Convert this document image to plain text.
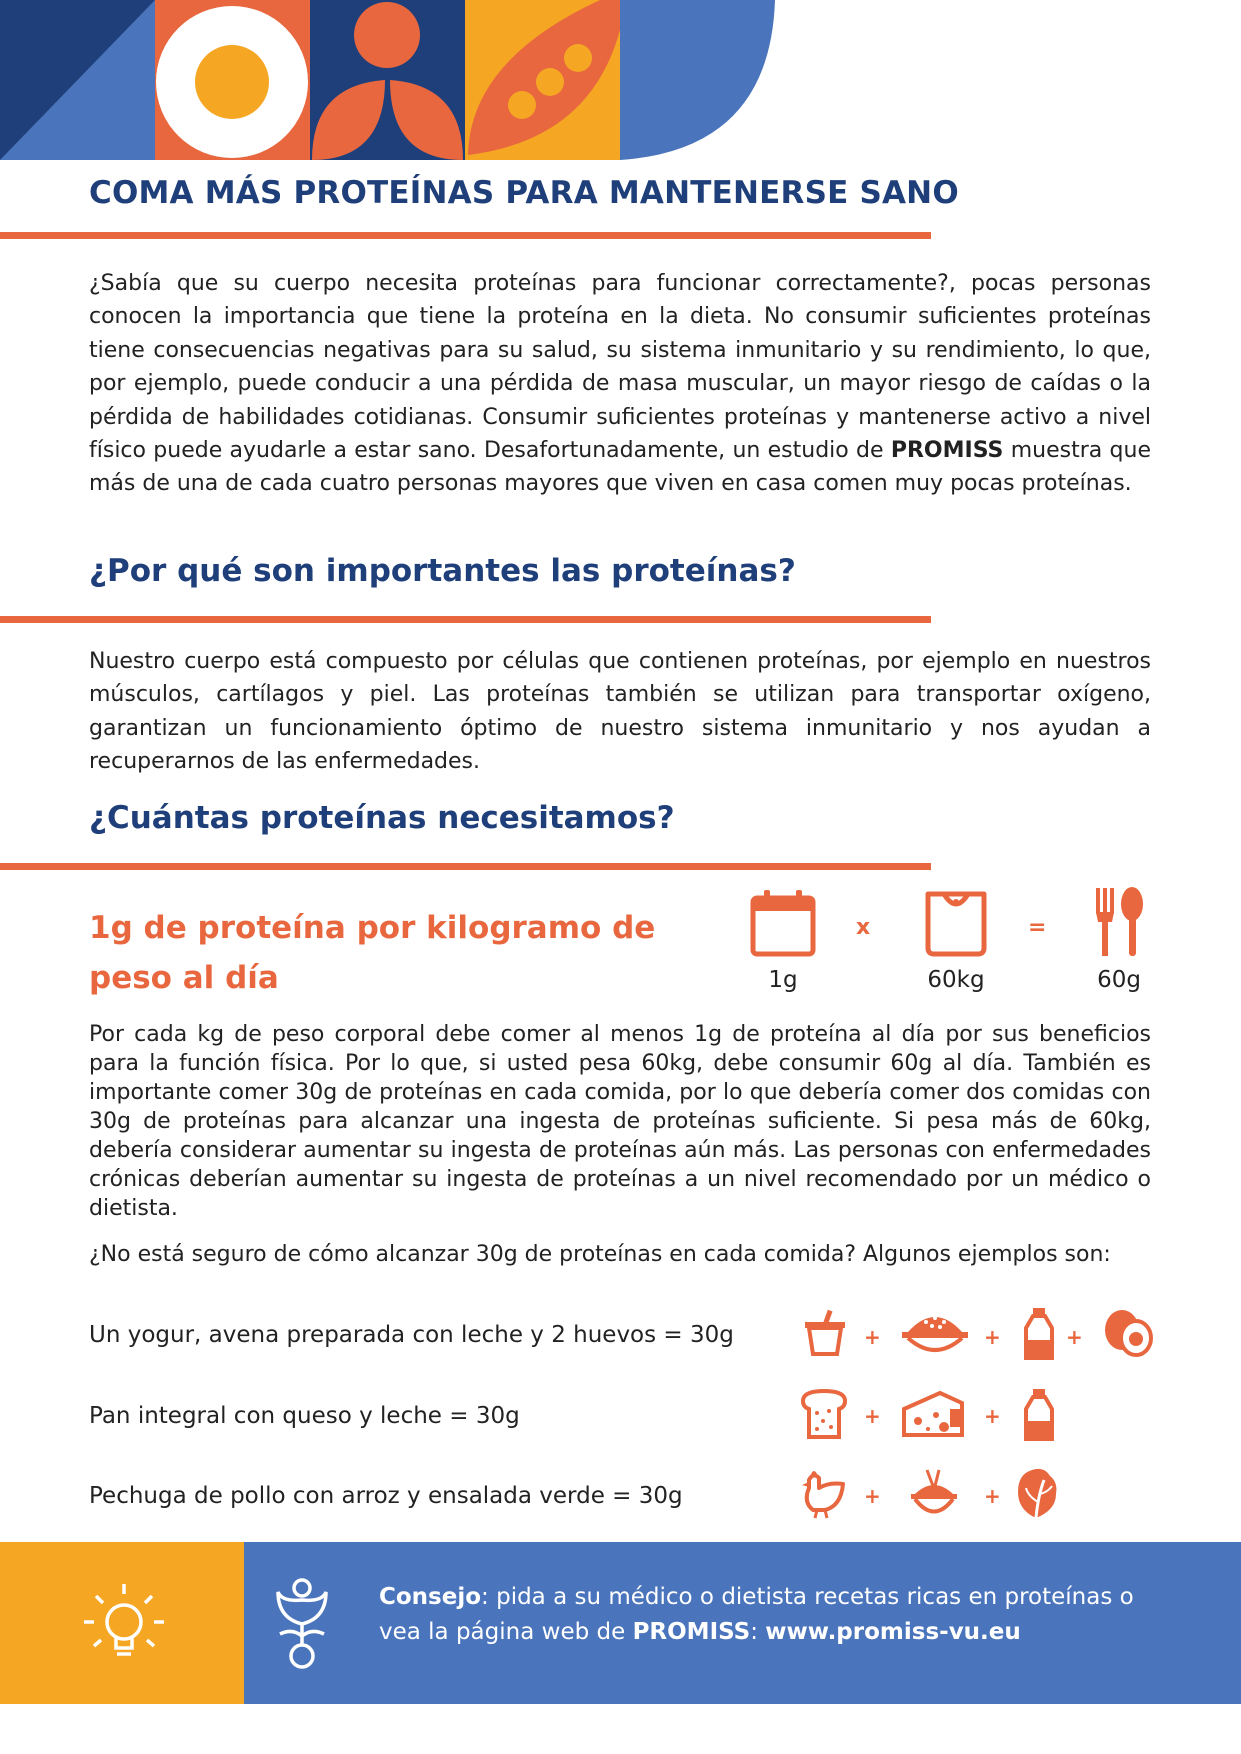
COMA MÁS PROTEÍNAS PARA MANTENERSE SANO

¿Sabía que su cuerpo necesita proteínas para funcionar correctamente?, pocas personas conocen la importancia que tiene la proteína en la dieta. No consumir suficientes proteínas tiene consecuencias negativas para su salud, su sistema inmunitario y su rendimiento, lo que, por ejemplo, puede conducir a una pérdida de masa muscular, un mayor riesgo de caídas o la pérdida de habilidades cotidianas. Consumir suficientes proteínas y mantenerse activo a nivel físico puede ayudarle a estar sano. Desafortunadamente, un estudio de PROMISS muestra que más de una de cada cuatro personas mayores que viven en casa comen muy pocas proteínas.

¿Por qué son importantes las proteínas?

Nuestro cuerpo está compuesto por células que contienen proteínas, por ejemplo en nuestros músculos, cartílagos y piel. Las proteínas también se utilizan para transportar oxígeno, garantizan un funcionamiento óptimo de nuestro sistema inmunitario y nos ayudan a recuperarnos de las enfermedades.

¿Cuántas proteínas necesitamos?
1g de proteína por kilogramo de
peso al día
x	=
1g	60kg	60g

Por cada kg de peso corporal debe comer al menos 1g de proteína al día por sus beneficios para la función física. Por lo que, si usted pesa 60kg, debe consumir 60g al día. También es importante comer 30g de proteínas en cada comida, por lo que debería comer dos comidas con 30g de proteínas para alcanzar una ingesta de proteínas suficiente. Si pesa más de 60kg, debería considerar aumentar su ingesta de proteínas aún más. Las personas con enfermedades crónicas deberían aumentar su ingesta de proteínas a un nivel recomendado por un médico o dietista.

¿No está seguro de cómo alcanzar 30g de proteínas en cada comida? Algunos ejemplos son:

Un yogur, avena preparada con leche y 2 huevos = 30g	+	+	+
Pan integral con queso y leche = 30g	+	+
Pechuga de pollo con arroz y ensalada verde = 30g	+	+
Consejo: pida a su médico o dietista recetas ricas en proteínas o vea la página web de PROMISS: www.promiss-vu.eu
